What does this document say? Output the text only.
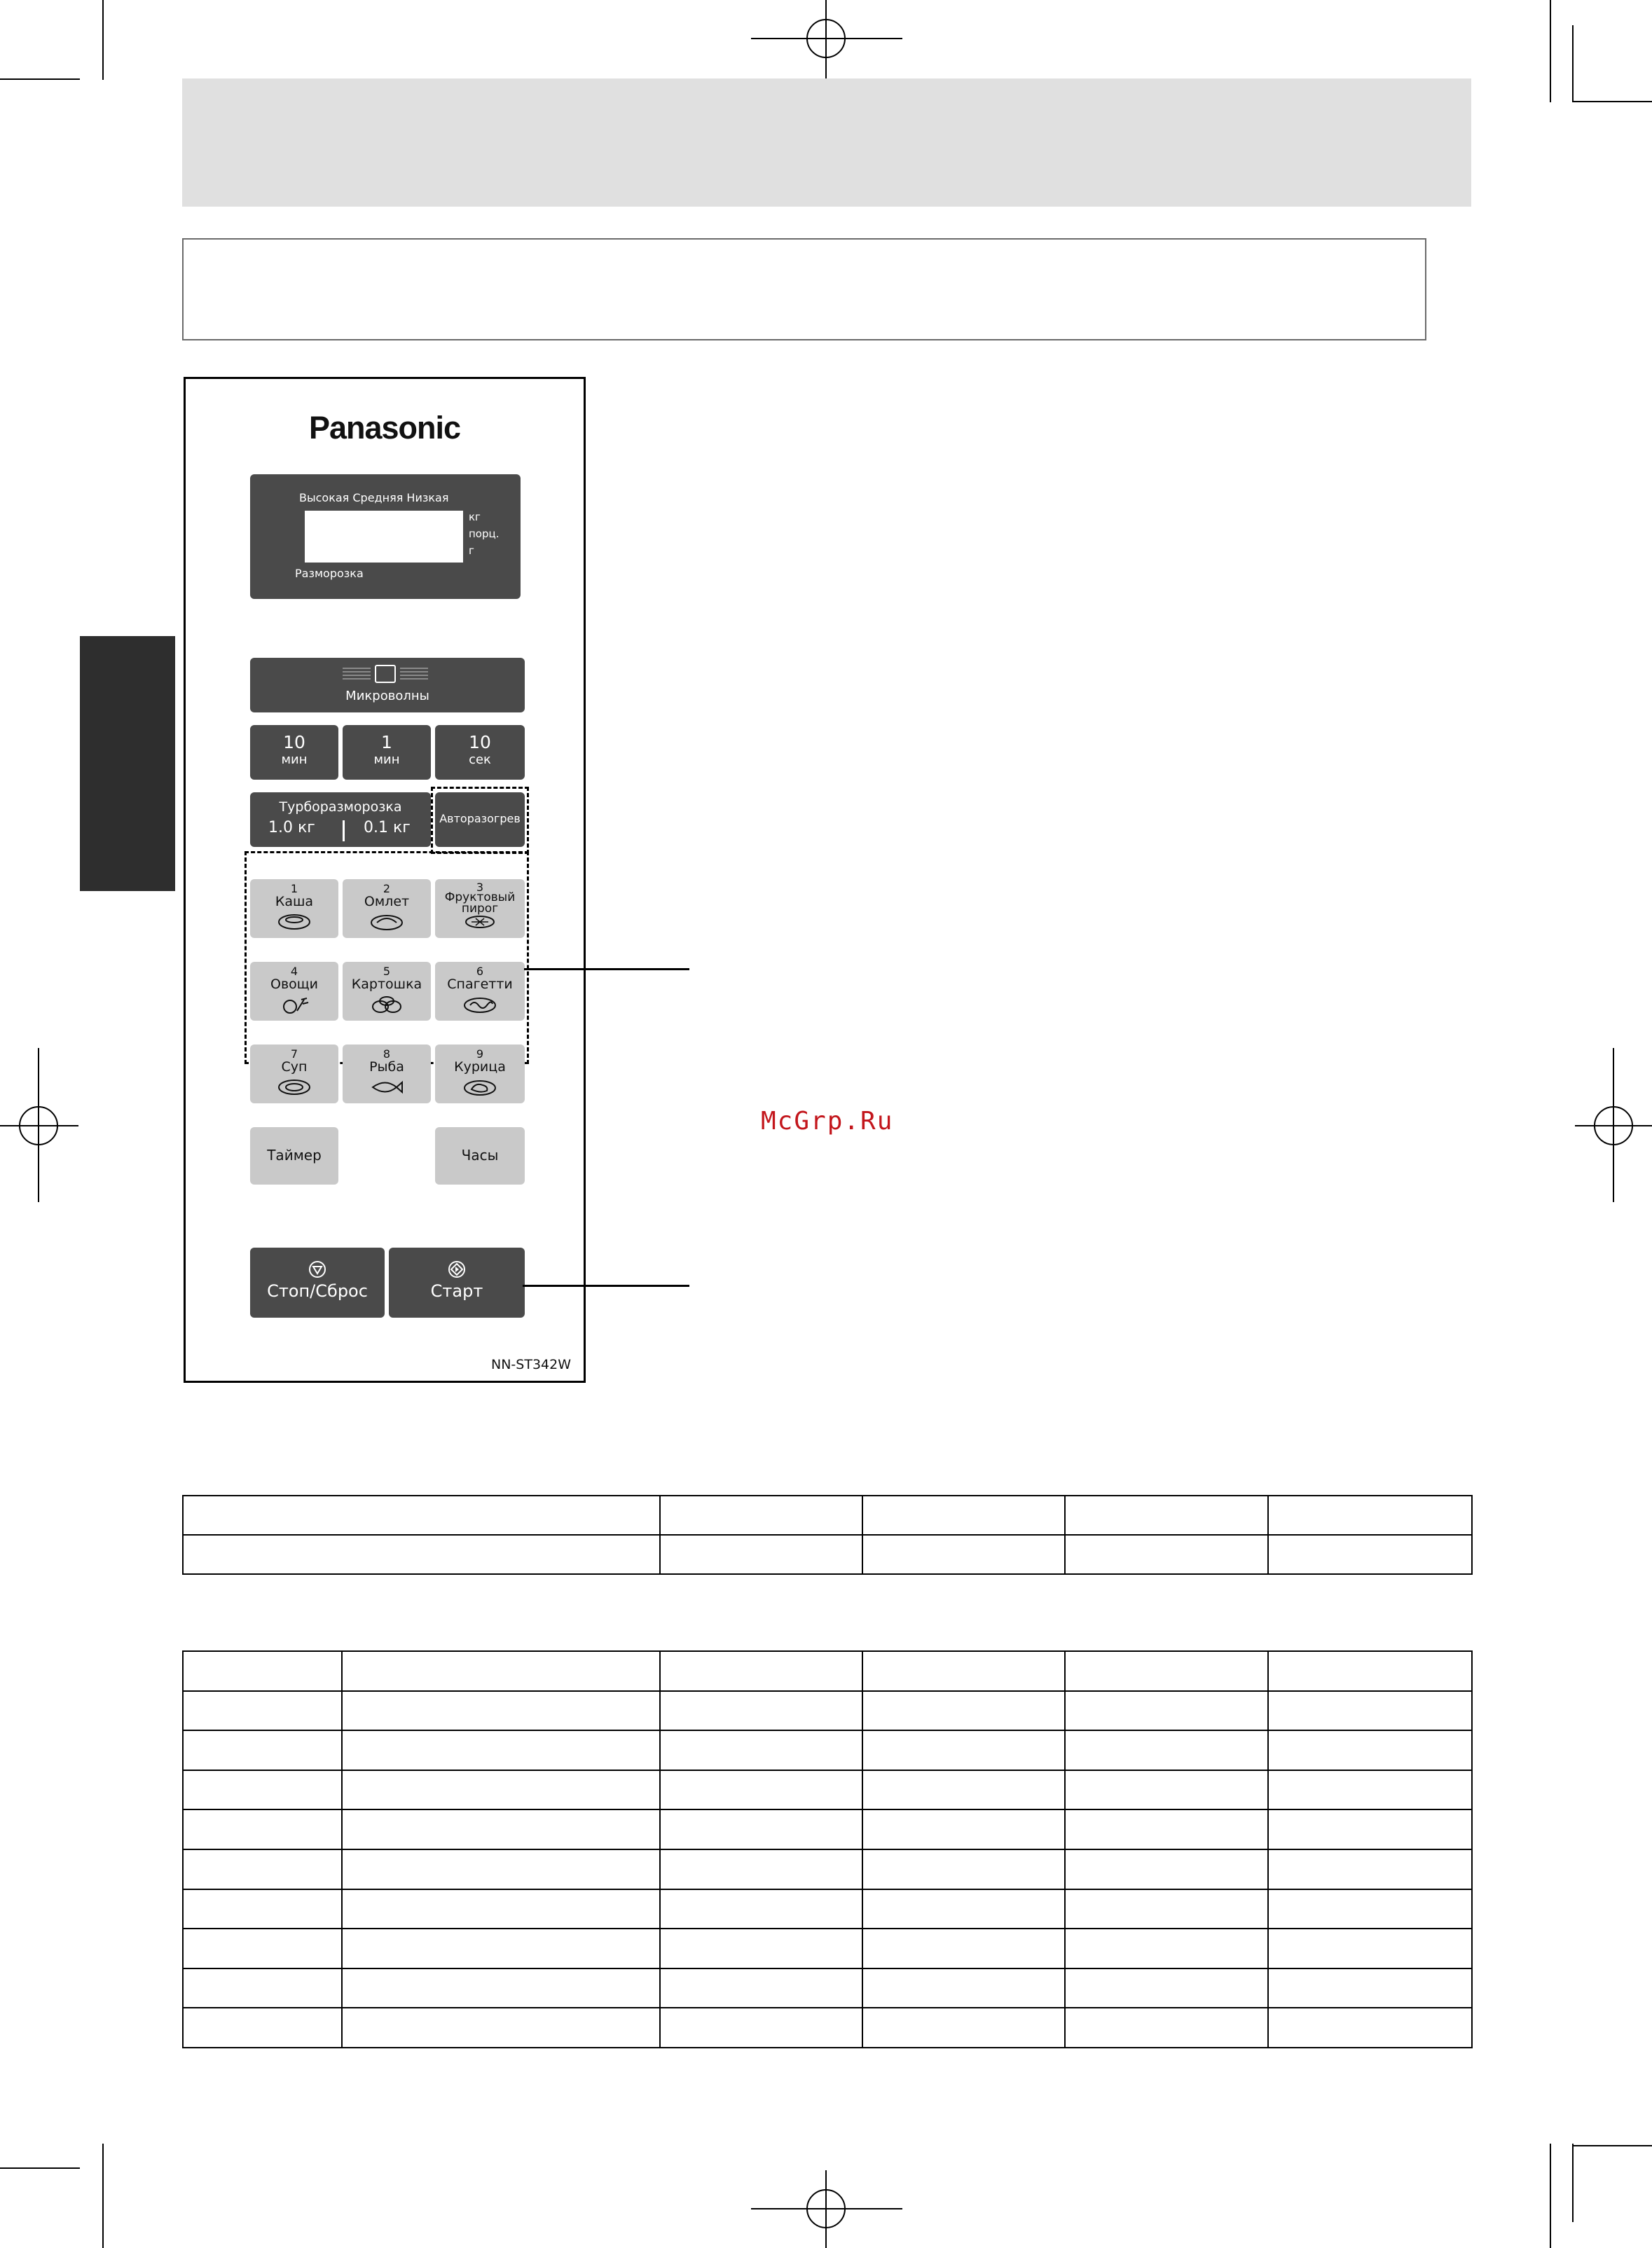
Panasonic
Высокая Средняя Низкая
кг
порц.
г
Разморозка
Микроволны
10
мин
1
мин
10
сек
Турборазморозка
1.0 кг	0.1 кг
Авторазогрев
1
Каша
2
Омлет
3
Фруктовый пирог
4
Овощи
5
Картошка
6
Спагетти
7
Суп
8
Рыба
9
Курица
Таймер	Часы
Стоп/Сброс	Старт
NN-ST342W
McGrp.Ru
